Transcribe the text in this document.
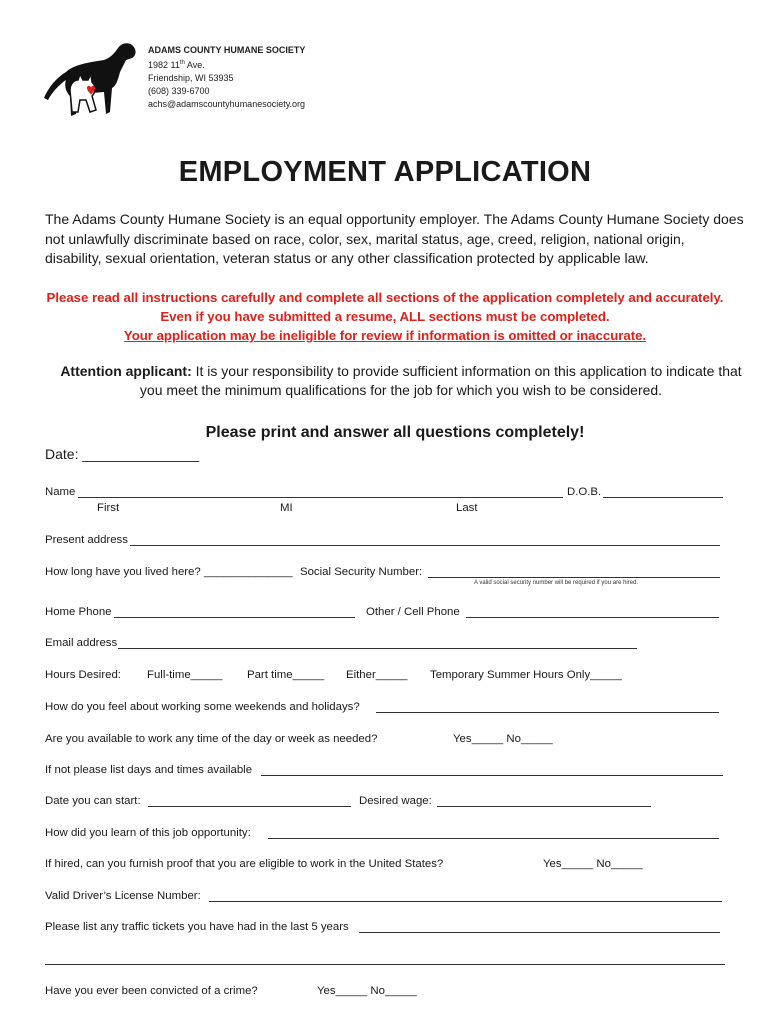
ADAMS COUNTY HUMANE SOCIETY
1982 11th Ave.
Friendship, WI 53935
(608) 339-6700
achs@adamscountyhumanesociety.org
EMPLOYMENT APPLICATION
The Adams County Humane Society is an equal opportunity employer. The Adams County Humane Society does not unlawfully discriminate based on race, color, sex, marital status, age, creed, religion, national origin, disability, sexual orientation, veteran status or any other classification protected by applicable law.
Please read all instructions carefully and complete all sections of the application completely and accurately.
Even if you have submitted a resume, ALL sections must be completed.
Your application may be ineligible for review if information is omitted or inaccurate.
Attention applicant: It is your responsibility to provide sufficient information on this application to indicate that you meet the minimum qualifications for the job for which you wish to be considered.
Please print and answer all questions completely!
Date: _______________
Name	D.O.B.
First	MI	Last
Present address
How long have you lived here? ______________ Social Security Number:
A valid social security number will be required if you are hired.
Home Phone	Other / Cell Phone
Email address
Hours Desired: Full-time_____ Part time_____ Either_____ Temporary Summer Hours Only_____
How do you feel about working some weekends and holidays?
Are you available to work any time of the day or week as needed?	Yes_____ No_____
If not please list days and times available
Date you can start:	Desired wage:
How did you learn of this job opportunity:
If hired, can you furnish proof that you are eligible to work in the United States?	Yes_____ No_____
Valid Driver’s License Number:
Please list any traffic tickets you have had in the last 5 years
Have you ever been convicted of a crime?	Yes_____ No_____
